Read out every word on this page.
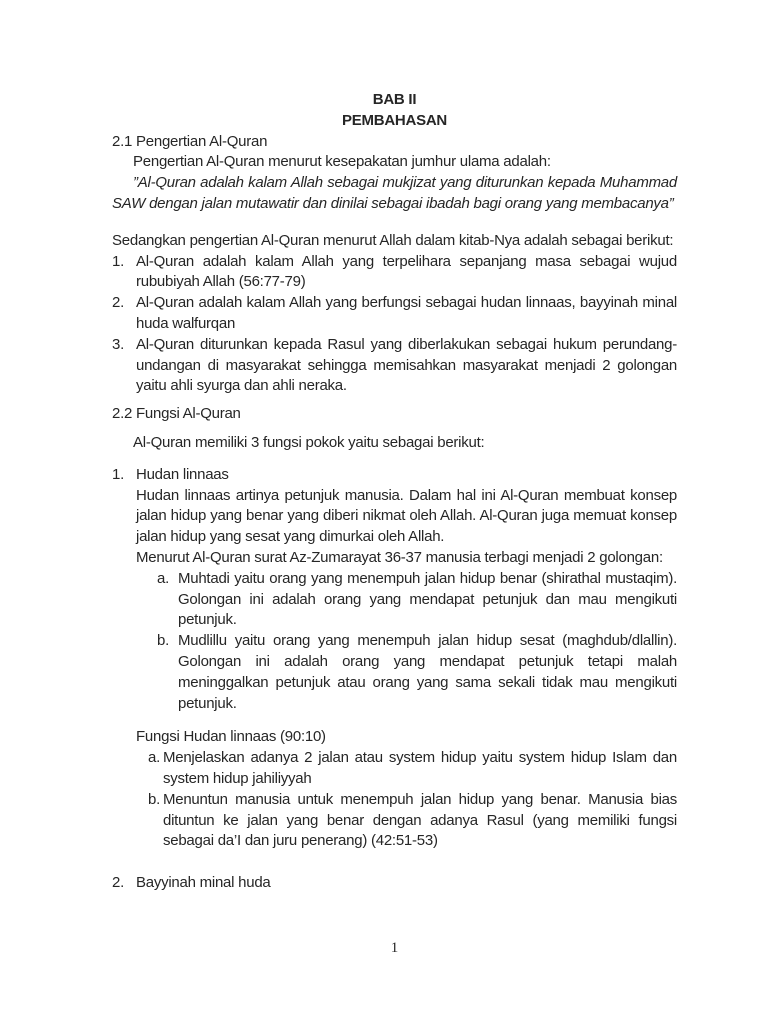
BAB II
PEMBAHASAN
2.1 Pengertian Al-Quran

Pengertian Al-Quran menurut kesepakatan jumhur ulama adalah:

”Al-Quran adalah kalam Allah sebagai mukjizat yang diturunkan kepada Muhammad SAW dengan jalan mutawatir dan dinilai sebagai ibadah bagi orang yang membacanya”

Sedangkan pengertian Al-Quran menurut Allah dalam kitab-Nya adalah sebagai berikut:

1. Al-Quran adalah kalam Allah yang terpelihara sepanjang masa sebagai wujud rububiyah Allah (56:77-79)
2. Al-Quran adalah kalam Allah yang berfungsi sebagai hudan linnaas, bayyinah minal huda walfurqan
3. Al-Quran diturunkan kepada Rasul yang diberlakukan sebagai hukum perundang-undangan di masyarakat sehingga memisahkan masyarakat menjadi 2 golongan yaitu ahli syurga dan ahli neraka.
2.2 Fungsi Al-Quran

Al-Quran memiliki 3 fungsi pokok yaitu sebagai berikut:

1. Hudan linnaas

Hudan linnaas artinya petunjuk manusia. Dalam hal ini Al-Quran membuat konsep jalan hidup yang benar yang diberi nikmat oleh Allah. Al-Quran juga memuat konsep jalan hidup yang sesat yang dimurkai oleh Allah.

Menurut Al-Quran surat Az-Zumarayat 36-37 manusia terbagi menjadi 2 golongan:

a. Muhtadi yaitu orang yang menempuh jalan hidup benar (shirathal mustaqim). Golongan ini adalah orang yang mendapat petunjuk dan mau mengikuti petunjuk.
b. Mudlillu yaitu orang yang menempuh jalan hidup sesat (maghdub/dlallin). Golongan ini adalah orang yang mendapat petunjuk tetapi malah meninggalkan petunjuk atau orang yang sama sekali tidak mau mengikuti petunjuk.
Fungsi Hudan linnaas (90:10)
a. Menjelaskan adanya 2 jalan atau system hidup yaitu system hidup Islam dan system hidup jahiliyyah
b. Menuntun manusia untuk menempuh jalan hidup yang benar. Manusia bias dituntun ke jalan yang benar dengan adanya Rasul (yang memiliki fungsi sebagai da’I dan juru penerang) (42:51-53)
2. Bayyinah minal huda
1
